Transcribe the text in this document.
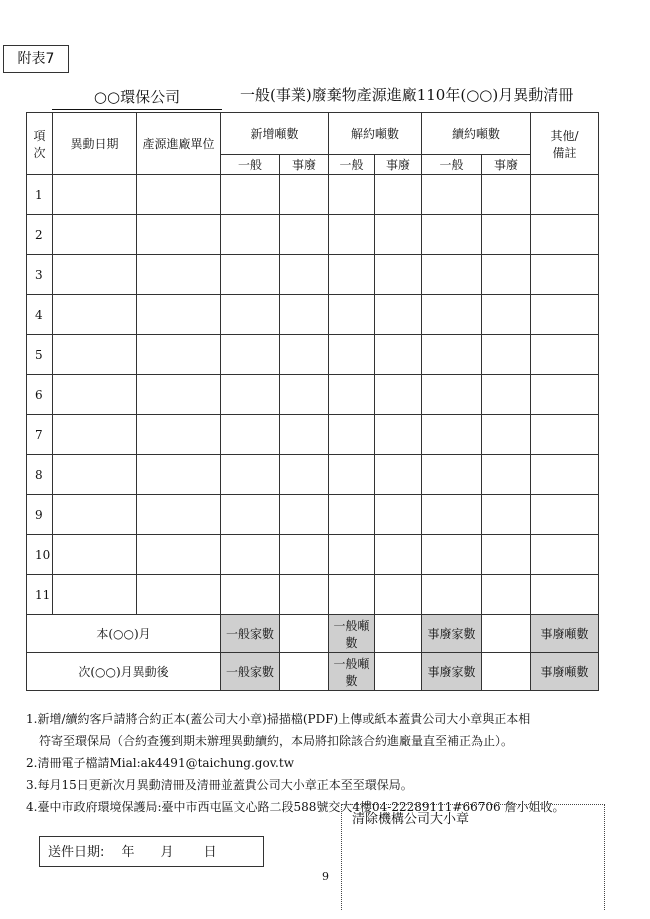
附表7
○○環保公司	一般(事業)廢棄物產源進廠110年(○○)月異動清冊
項
次	異動日期	產源進廠單位	新增噸數		解約噸數		續約噸數		其他/
備註
			一般	事廢	一般	事廢	一般	事廢	
1									
2									
3									
4									
5									
6									
7									
8									
9									
10									
11									
本(○○)月			一般家數		一般噸數		事廢家數		事廢噸數
次(○○)月異動後			一般家數		一般噸數		事廢家數		事廢噸數
1.新增/續約客戶請將合約正本(蓋公司大小章)掃描檔(PDF)上傳或紙本蓋貴公司大小章與正本相
符寄至環保局（合約查獲到期未辦理異動續約，本局將扣除該合約進廠量直至補正為止）。
2.清冊電子檔請Mial:ak4491@taichung.gov.tw
3.每月15日更新次月異動清冊及清冊並蓋貴公司大小章正本至至環保局。
4.臺中市政府環境保護局:臺中市西屯區文心路二段588號交大4樓04-22289111#66706 詹小姐收。
送件日期:　 年　　月　　 日
清除機構公司大小章
9
